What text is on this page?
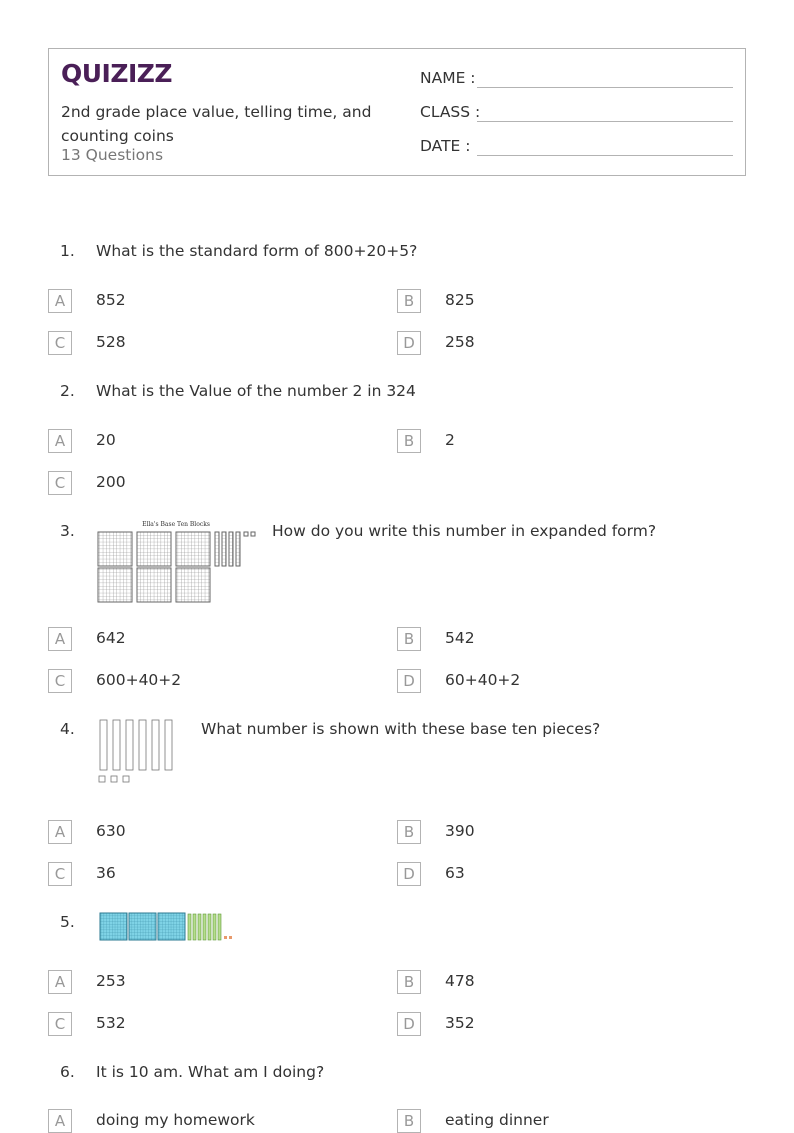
QUIZIZZ
2nd grade place value, telling time, and counting coins
13 Questions
NAME :
CLASS :
DATE :
1. What is the standard form of 800+20+5?
A	852	B	825
C	528	D	258
2. What is the Value of the number 2 in 324
A	20	B	2
C	200
3.	Ella's Base Ten Blocks	How do you write this number in expanded form?
A	642	B	542
C	600+40+2	D	60+40+2
4.	What number is shown with these base ten pieces?
A	630	B	390
C	36	D	63
5.
A	253	B	478
C	532	D	352
6. It is 10 am. What am I doing?
A	doing my homework	B	eating dinner
